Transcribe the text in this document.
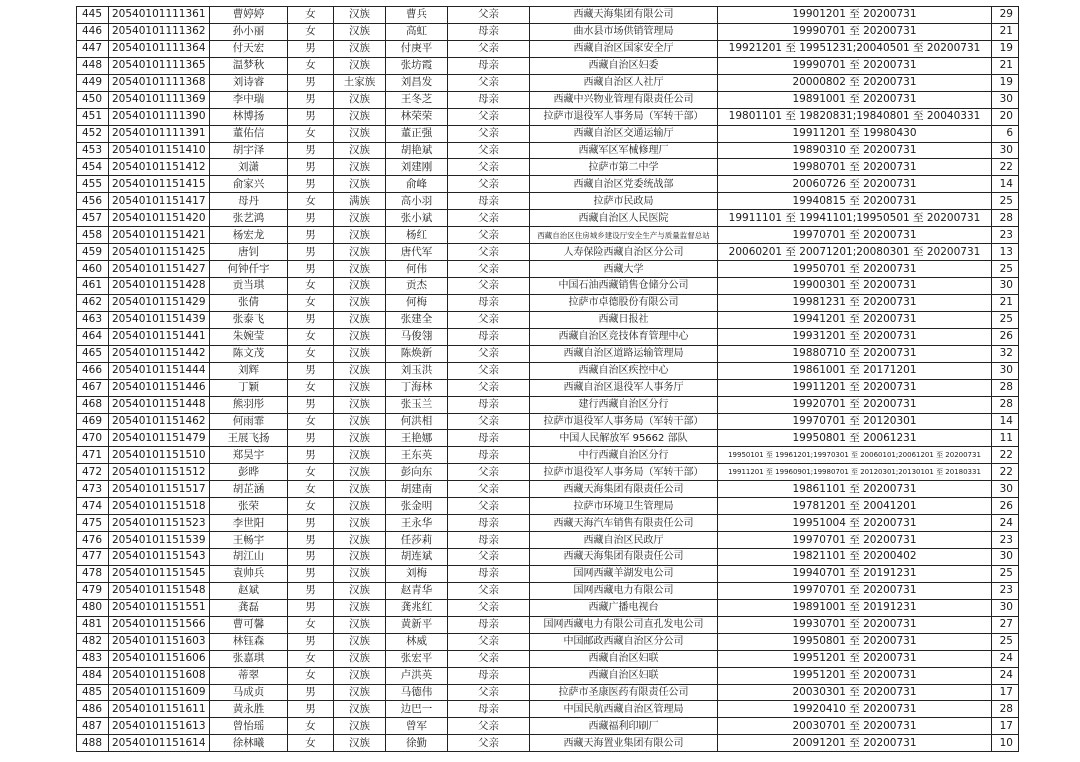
445	20540101111361	曹婷婷	女	汉族	曹兵	父亲	西藏天海集团有限公司	19901201 至 20200731	29
446	20540101111362	孙小丽	女	汉族	高虹	母亲	曲水县市场供销管理局	19990701 至 20200731	21
447	20540101111364	付天宏	男	汉族	付庚平	父亲	西藏自治区国家安全厅	19921201 至 19951231;20040501 至 20200731	19
448	20540101111365	温梦秋	女	汉族	张坊霞	母亲	西藏自治区妇委	19990701 至 20200731	21
449	20540101111368	刘诗睿	男	土家族	刘昌发	父亲	西藏自治区人社厅	20000802 至 20200731	19
450	20540101111369	李中瑞	男	汉族	王冬芝	母亲	西藏中兴物业管理有限责任公司	19891001 至 20200731	30
451	20540101111390	林博扬	男	汉族	林荣荣	父亲	拉萨市退役军人事务局（军转干部）	19801101 至 19820831;19840801 至 20040331	20
452	20540101111391	董佑信	女	汉族	董正强	父亲	西藏自治区交通运输厅	19911201 至 19980430	6
453	20540101151410	胡宇泽	男	汉族	胡艳斌	父亲	西藏军区军械修理厂	19890310 至 20200731	30
454	20540101151412	刘潇	男	汉族	刘建刚	父亲	拉萨市第二中学	19980701 至 20200731	22
455	20540101151415	俞家兴	男	汉族	俞峰	父亲	西藏自治区党委统战部	20060726 至 20200731	14
456	20540101151417	母丹	女	满族	高小羽	母亲	拉萨市民政局	19940815 至 20200731	25
457	20540101151420	张艺鸿	男	汉族	张小斌	父亲	西藏自治区人民医院	19911101 至 19941101;19950501 至 20200731	28
458	20540101151421	杨宏龙	男	汉族	杨红	父亲	西藏自治区住房城乡建设厅安全生产与质量监督总站	19970701 至 20200731	23
459	20540101151425	唐钊	男	汉族	唐代军	父亲	人寿保险西藏自治区分公司	20060201 至 20071201;20080301 至 20200731	13
460	20540101151427	何钟仟宇	男	汉族	何伟	父亲	西藏大学	19950701 至 20200731	25
461	20540101151428	贡当琪	女	汉族	贡杰	父亲	中国石油西藏销售仓储分公司	19900301 至 20200731	30
462	20540101151429	张倩	女	汉族	何梅	母亲	拉萨市卓德股份有限公司	19981231 至 20200731	21
463	20540101151439	张泰飞	男	汉族	张建全	父亲	西藏日报社	19941201 至 20200731	25
464	20540101151441	朱婉莹	女	汉族	马俊翎	母亲	西藏自治区竞技体育管理中心	19931201 至 20200731	26
465	20540101151442	陈文茂	女	汉族	陈焕新	父亲	西藏自治区道路运输管理局	19880710 至 20200731	32
466	20540101151444	刘辉	男	汉族	刘玉洪	父亲	西藏自治区疾控中心	19861001 至 20171201	30
467	20540101151446	丁颖	女	汉族	丁海林	父亲	西藏自治区退役军人事务厅	19911201 至 20200731	28
468	20540101151448	熊羽彤	男	汉族	张玉兰	母亲	建行西藏自治区分行	19920701 至 20200731	28
469	20540101151462	何雨霏	女	汉族	何洪相	父亲	拉萨市退役军人事务局（军转干部）	19970701 至 20120301	14
470	20540101151479	王展飞扬	男	汉族	王艳娜	母亲	中国人民解放军 95662 部队	19950801 至 20061231	11
471	20540101151510	郑昊宇	男	汉族	王东英	母亲	中行西藏自治区分行	19950101 至 19961201;19970301 至 20060101;20061201 至 20200731	22
472	20540101151512	彭晔	女	汉族	彭向东	父亲	拉萨市退役军人事务局（军转干部）	19911201 至 19960901;19980701 至 20120301;20130101 至 20180331	22
473	20540101151517	胡芷涵	女	汉族	胡建南	父亲	西藏天海集团有限责任公司	19861101 至 20200731	30
474	20540101151518	张荣	女	汉族	张金明	父亲	拉萨市环境卫生管理局	19781201 至 20041201	26
475	20540101151523	李世阳	男	汉族	王永华	母亲	西藏天海汽车销售有限责任公司	19951004 至 20200731	24
476	20540101151539	王畅宇	男	汉族	任莎莉	母亲	西藏自治区民政厅	19970701 至 20200731	23
477	20540101151543	胡江山	男	汉族	胡连斌	父亲	西藏天海集团有限责任公司	19821101 至 20200402	30
478	20540101151545	袁帅兵	男	汉族	刘梅	母亲	国网西藏羊湖发电公司	19940701 至 20191231	25
479	20540101151548	赵斌	男	汉族	赵青华	父亲	国网西藏电力有限公司	19970701 至 20200731	23
480	20540101151551	龚磊	男	汉族	龚兆红	父亲	西藏广播电视台	19891001 至 20191231	30
481	20540101151566	曹可馨	女	汉族	黄新平	母亲	国网西藏电力有限公司直孔发电公司	19930701 至 20200731	27
482	20540101151603	林钰森	男	汉族	林威	父亲	中国邮政西藏自治区分公司	19950801 至 20200731	25
483	20540101151606	张嘉琪	女	汉族	张宏平	父亲	西藏自治区妇联	19951201 至 20200731	24
484	20540101151608	蒂翠	女	汉族	卢洪英	母亲	西藏自治区妇联	19951201 至 20200731	24
485	20540101151609	马成贞	男	汉族	马德伟	父亲	拉萨市圣康医药有限责任公司	20030301 至 20200731	17
486	20540101151611	黄永胜	男	汉族	边巴一	母亲	中国民航西藏自治区管理局	19920410 至 20200731	28
487	20540101151613	曾怡瑶	女	汉族	曾军	父亲	西藏福利印刷厂	20030701 至 20200731	17
488	20540101151614	徐林曦	女	汉族	徐勤	父亲	西藏天海置业集团有限公司	20091201 至 20200731	10
